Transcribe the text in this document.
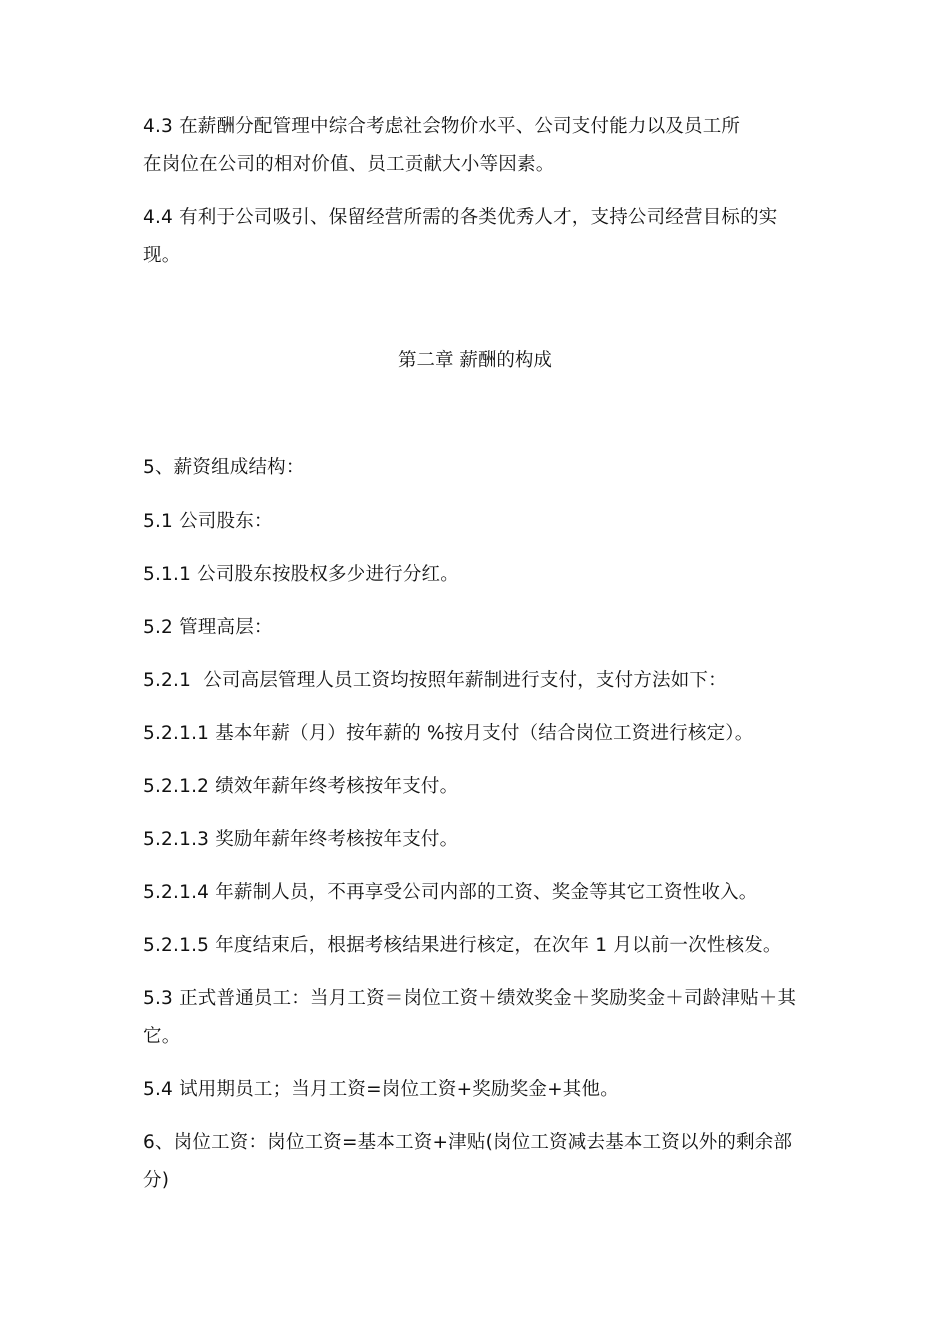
4.3 在薪酬分配管理中综合考虑社会物价水平、公司支付能力以及员工所
在岗位在公司的相对价值、员工贡献大小等因素。
4.4 有利于公司吸引、保留经营所需的各类优秀人才，支持公司经营目标的实
现。
第二章 薪酬的构成
5、薪资组成结构：
5.1 公司股东：
5.1.1 公司股东按股权多少进行分红。
5.2 管理高层：
5.2.1  公司高层管理人员工资均按照年薪制进行支付，支付方法如下：
5.2.1.1 基本年薪（月）按年薪的 %按月支付（结合岗位工资进行核定）。
5.2.1.2 绩效年薪年终考核按年支付。
5.2.1.3 奖励年薪年终考核按年支付。
5.2.1.4 年薪制人员，不再享受公司内部的工资、奖金等其它工资性收入。
5.2.1.5 年度结束后，根据考核结果进行核定，在次年 1 月以前一次性核发。
5.3 正式普通员工：当月工资＝岗位工资＋绩效奖金＋奖励奖金＋司龄津贴＋其
它。
5.4 试用期员工；当月工资=岗位工资+奖励奖金+其他。
6、岗位工资：岗位工资=基本工资+津贴(岗位工资减去基本工资以外的剩余部
分)
